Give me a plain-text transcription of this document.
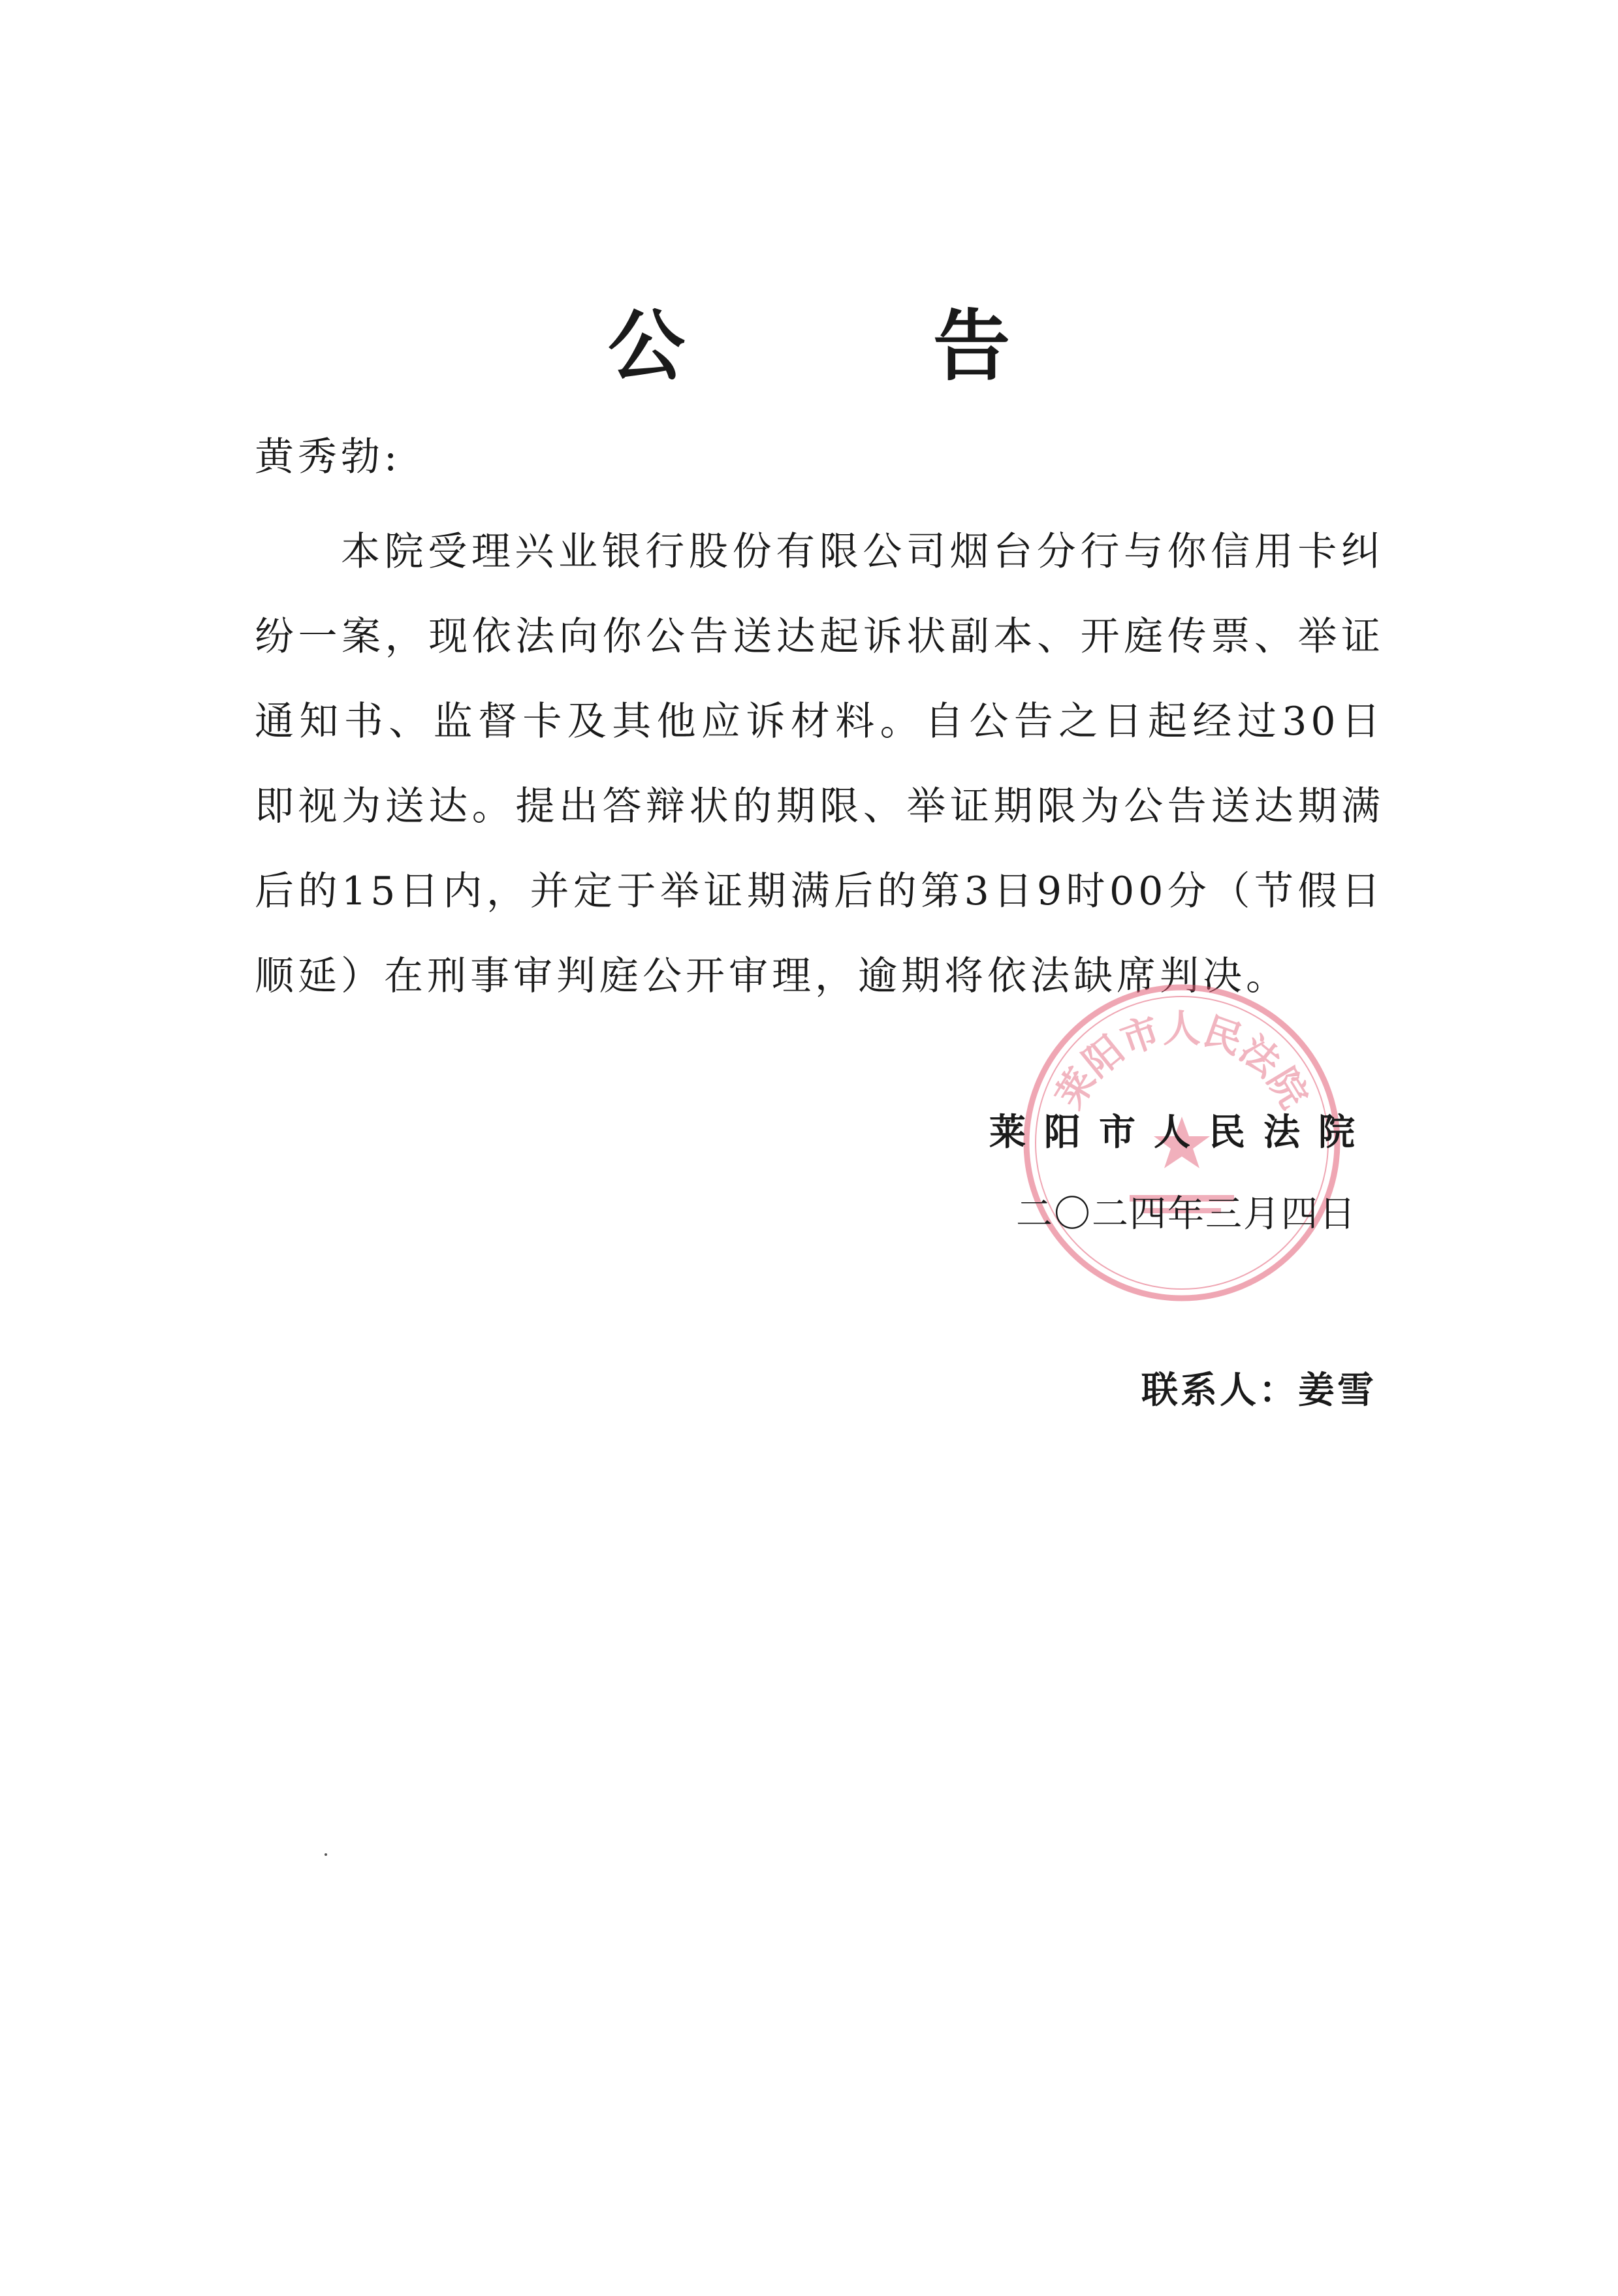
公	告
黄秀勃:

本院受理兴业银行股份有限公司烟台分行与你信用卡纠纷一案，现依法向你公告送达起诉状副本、开庭传票、举证通知书、监督卡及其他应诉材料。自公告之日起经过30日即视为送达。提出答辩状的期限、举证期限为公告送达期满后的15日内，并定于举证期满后的第3日9时00分（节假日顺延）在刑事审判庭公开审理，逾期将依法缺席判决。

莱阳市人民法院
莱阳市人民法院
二〇二四年三月四日
联系人：姜雪
